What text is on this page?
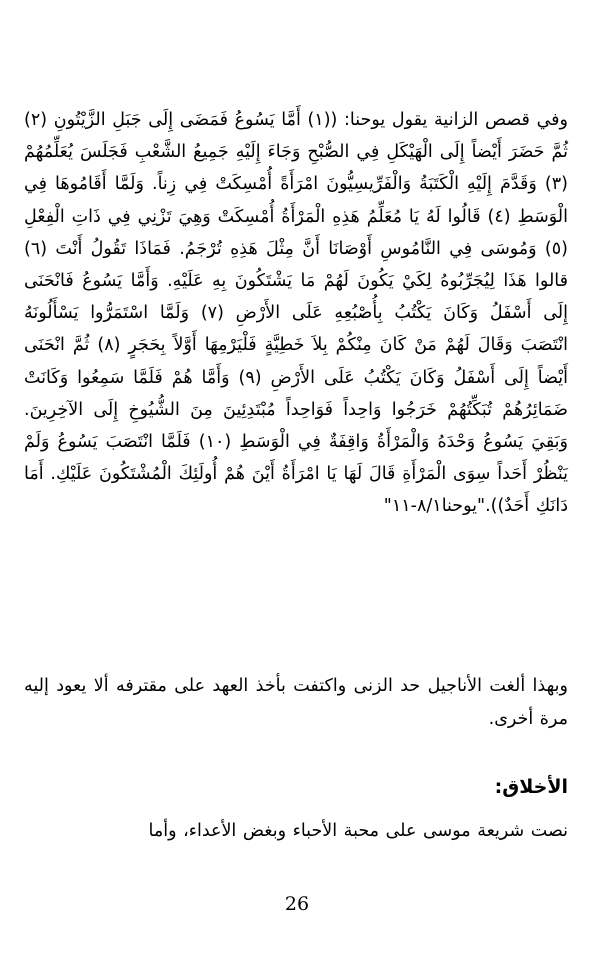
وفي قصص الزانية يقول يوحنا: ((١) أَمَّا يَسُوعُ فَمَضَى إِلَى جَبَلِ الزَّيْتُونِ (٢) ثُمَّ حَضَرَ أَيْضاً إِلَى الْهَيْكَلِ فِي الصُّبْحِ وَجَاءَ إِلَيْهِ جَمِيعُ الشَّعْبِ فَجَلَسَ يُعَلِّمُهُمْ (٣) وَقَدَّمَ إِلَيْهِ الْكَتَبَةُ وَالْفَرِّيسِيُّونَ امْرَأَةً أُمْسِكَتْ فِي زِناً. وَلَمَّا أَقَامُوهَا فِي الْوَسَطِ (٤) قَالُوا لَهُ يَا مُعَلِّمُ هَذِهِ الْمَرْأَةُ أُمْسِكَتْ وَهِيَ تَزْنِي فِي ذَاتِ الْفِعْلِ (٥) وَمُوسَى فِي النَّامُوسِ أَوْصَانَا أَنَّ مِثْلَ هَذِهِ تُرْجَمُ. فَمَاذَا تَقُولُ أَنْتَ (٦) قالوا هَذَا لِيُجَرِّبُوهُ لِكَيْ يَكُونَ لَهُمْ مَا يَشْتَكُونَ بِهِ عَلَيْهِ. وَأَمَّا يَسُوعُ فَانْحَنَى إِلَى أَسْفَلُ وَكَانَ يَكْتُبُ بِأُصْبُعِهِ عَلَى الأَرْضِ (٧) وَلَمَّا اسْتَمَرُّوا يَسْأَلُونَهُ انْتَصَبَ وَقَالَ لَهُمْ مَنْ كَانَ مِنْكُمْ بِلاَ خَطِيَّةٍ فَلْيَرْمِهَا أَوَّلاً بِحَجَرٍ (٨) ثُمَّ انْحَنَى أَيْضاً إِلَى أَسْفَلُ وَكَانَ يَكْتُبُ عَلَى الأَرْضِ (٩) وَأَمَّا هُمْ فَلَمَّا سَمِعُوا وَكَانَتْ ضَمَائِرُهُمْ تُبَكِّتُهُمْ خَرَجُوا وَاحِداً فَوَاحِداً مُبْتَدِئِينَ مِنَ الشُّيُوخِ إِلَى الآخِرِينَ. وَبَقِيَ يَسُوعُ وَحْدَهُ وَالْمَرْأَةُ وَاقِفَةٌ فِي الْوَسَطِ (١٠) فَلَمَّا انْتَصَبَ يَسُوعُ وَلَمْ يَنْظُرْ أَحَداً سِوَى الْمَرْأَةِ قَالَ لَهَا يَا امْرَأَةُ أَيْنَ هُمْ أُولَئِكَ الْمُشْتَكُونَ عَلَيْكِ. أَمَا دَانَكِ أَحَدٌ))."يوحنا٨/١-١١"
وبهذا ألغت الأناجيل حد الزنى واكتفت بأخذ العهد على مقترفه ألا يعود إليه مرة أخرى.
الأخلاق:
نصت شريعة موسى على محبة الأحباء وبغض الأعداء، وأما
26
